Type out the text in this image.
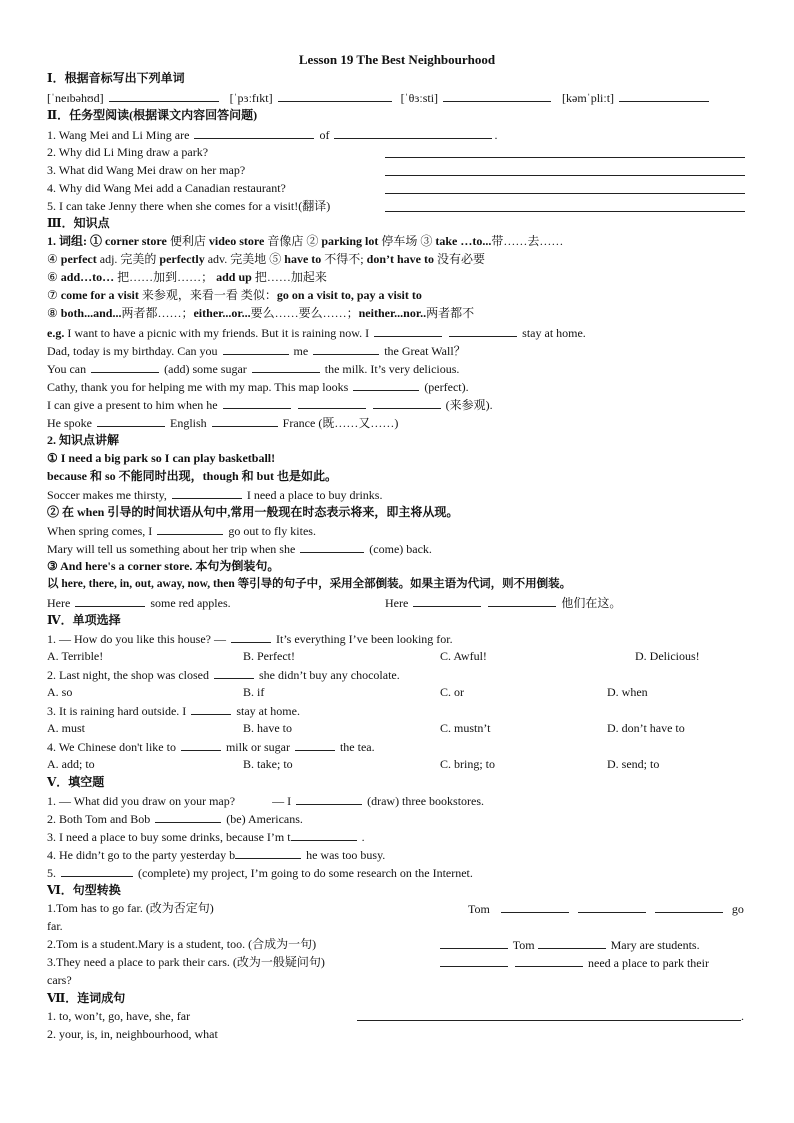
Lesson 19 The Best Neighbourhood
Ⅰ．根据音标写出下列单词
[ˈneɪbəhʊd]	[ˈpɜːfɪkt]	[ˈθɜːsti]	[kəmˈpliːt]
Ⅱ．任务型阅读(根据课文内容回答问题)
1. Wang Mei and Li Ming are	of	.
2. Why did Li Ming draw a park?
3. What did Wang Mei draw on her map?
4. Why did Wang Mei add a Canadian restaurant?
5. I can take Jenny there when she comes for a visit!(翻译)
Ⅲ．知识点
1. 词组: ① corner store 便利店 video store 音像店 ② parking lot 停车场 ③ take …to...带……去……
④ perfect adj. 完美的 perfectly adv. 完美地 ⑤ have to 不得不; don’t have to 没有必要
⑥ add…to… 把……加到……； add up 把……加起来
⑦ come for a visit 来参观，来看一看 类似：go on a visit to, pay a visit to
⑧ both...and...两者都……；either...or...要么……要么……；neither...nor..两者都不
e.g. I want to have a picnic with my friends. But it is raining now. I	stay at home.
Dad, today is my birthday. Can you	me	the Great Wall？
You can	(add) some sugar	the milk. It’s very delicious.
Cathy, thank you for helping me with my map. This map looks	(perfect).
I can give a present to him when he	(来参观).
He spoke	English	France (既……又……)
2. 知识点讲解
① I need a big park so I can play basketball!
because 和 so 不能同时出现，though 和 but 也是如此。
Soccer makes me thirsty,	I need a place to buy drinks.
② 在 when 引导的时间状语从句中,常用一般现在时态表示将来，即主将从现。
When spring comes, I	go out to fly kites.
Mary will tell us something about her trip when she	(come) back.
③ And here's a corner store. 本句为倒装句。
以 here, there, in, out, away, now, then 等引导的句子中，采用全部倒装。如果主语为代词，则不用倒装。
Here	some red apples.	Here	他们在这。
Ⅳ．单项选择
1. — How do you like this house? —	It’s everything I’ve been looking for.
A. Terrible!	B. Perfect!	C. Awful!	D. Delicious!
2. Last night, the shop was closed	she didn’t buy any chocolate.
A. so	B. if	C. or	D. when
3. It is raining hard outside. I	stay at home.
A. must	B. have to	C. mustn’t	D. don’t have to
4. We Chinese don't like to	milk or sugar	the tea.
A. add; to	B. take; to	C. bring; to	D. send; to
Ⅴ．填空题
1. — What did you draw on your map?	— I	(draw) three bookstores.
2. Both Tom and Bob	(be) Americans.
3. I need a place to buy some drinks, because I’m t	.
4. He didn’t go to the party yesterday b	he was too busy.
5.	(complete) my project, I’m going to do some research on the Internet.
Ⅵ．句型转换
1.Tom has to go far. (改为否定句)	Tom	go
far.
2.Tom is a student.Mary is a student, too. (合成为一句)	Tom	Mary are students.
3.They need a place to park their cars. (改为一般疑问句)	need a place to park their
cars?
Ⅶ．连词成句
1. to, won’t, go, have, she, far	.
2. your, is, in, neighbourhood, what
